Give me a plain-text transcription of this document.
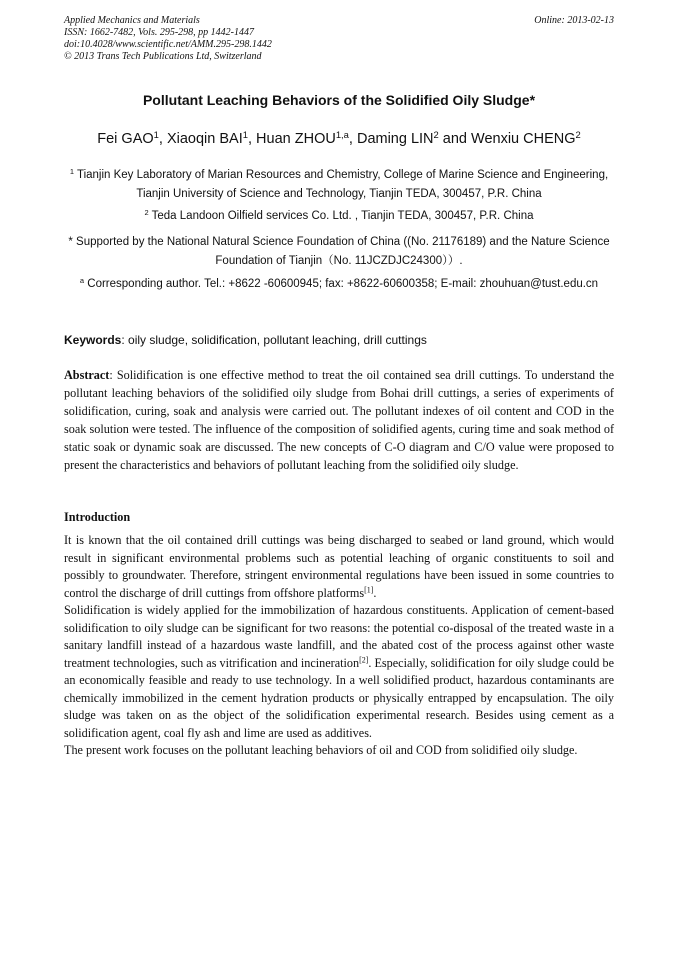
Applied Mechanics and Materials
ISSN: 1662-7482, Vols. 295-298, pp 1442-1447
doi:10.4028/www.scientific.net/AMM.295-298.1442
© 2013 Trans Tech Publications Ltd, Switzerland
Online: 2013-02-13
Pollutant Leaching Behaviors of the Solidified Oily Sludge*
Fei GAO$^1$, Xiaoqin BAI$^1$, Huan ZHOU$^{1,a}$, Daming LIN$^2$ and Wenxiu CHENG$^2$
$^1$ Tianjin Key Laboratory of Marian Resources and Chemistry, College of Marine Science and Engineering, Tianjin University of Science and Technology, Tianjin TEDA, 300457, P.R. China
$^2$ Teda Landoon Oilfield services Co. Ltd. , Tianjin TEDA, 300457, P.R. China
* Supported by the National Natural Science Foundation of China ((No. 21176189) and the Nature Science Foundation of Tianjin（No. 11JCZDJC24300））.
$^a$ Corresponding author. Tel.: +8622 -60600945; fax: +8622-60600358; E-mail: zhouhuan@tust.edu.cn
Keywords: oily sludge, solidification, pollutant leaching, drill cuttings
Abstract: Solidification is one effective method to treat the oil contained sea drill cuttings. To understand the pollutant leaching behaviors of the solidified oily sludge from Bohai drill cuttings, a series of experiments of solidification, curing, soak and analysis were carried out. The pollutant indexes of oil content and COD in the soak solution were tested. The influence of the composition of solidified agents, curing time and soak method of static soak or dynamic soak are discussed. The new concepts of C-O diagram and C/O value were proposed to present the characteristics and behaviors of pollutant leaching from the solidified oily sludge.
Introduction

It is known that the oil contained drill cuttings was being discharged to seabed or land ground, which would result in significant environmental problems such as potential leaching of organic constituents to soil and possibly to groundwater. Therefore, stringent environmental regulations have been issued in some countries to control the discharge of drill cuttings from offshore platforms[1].

Solidification is widely applied for the immobilization of hazardous constituents. Application of cement-based solidification to oily sludge can be significant for two reasons: the potential co-disposal of the treated waste in a sanitary landfill instead of a hazardous waste landfill, and the abated cost of the process against other waste treatment technologies, such as vitrification and incineration[2]. Especially, solidification for oily sludge could be an economically feasible and ready to use technology. In a well solidified product, hazardous contaminants are chemically immobilized in the cement hydration products or physically entrapped by encapsulation. The oily sludge was taken on as the object of the solidification experimental research. Besides using cement as a solidification agent, coal fly ash and lime are used as additives.

The present work focuses on the pollutant leaching behaviors of oil and COD from solidified oily sludge.
